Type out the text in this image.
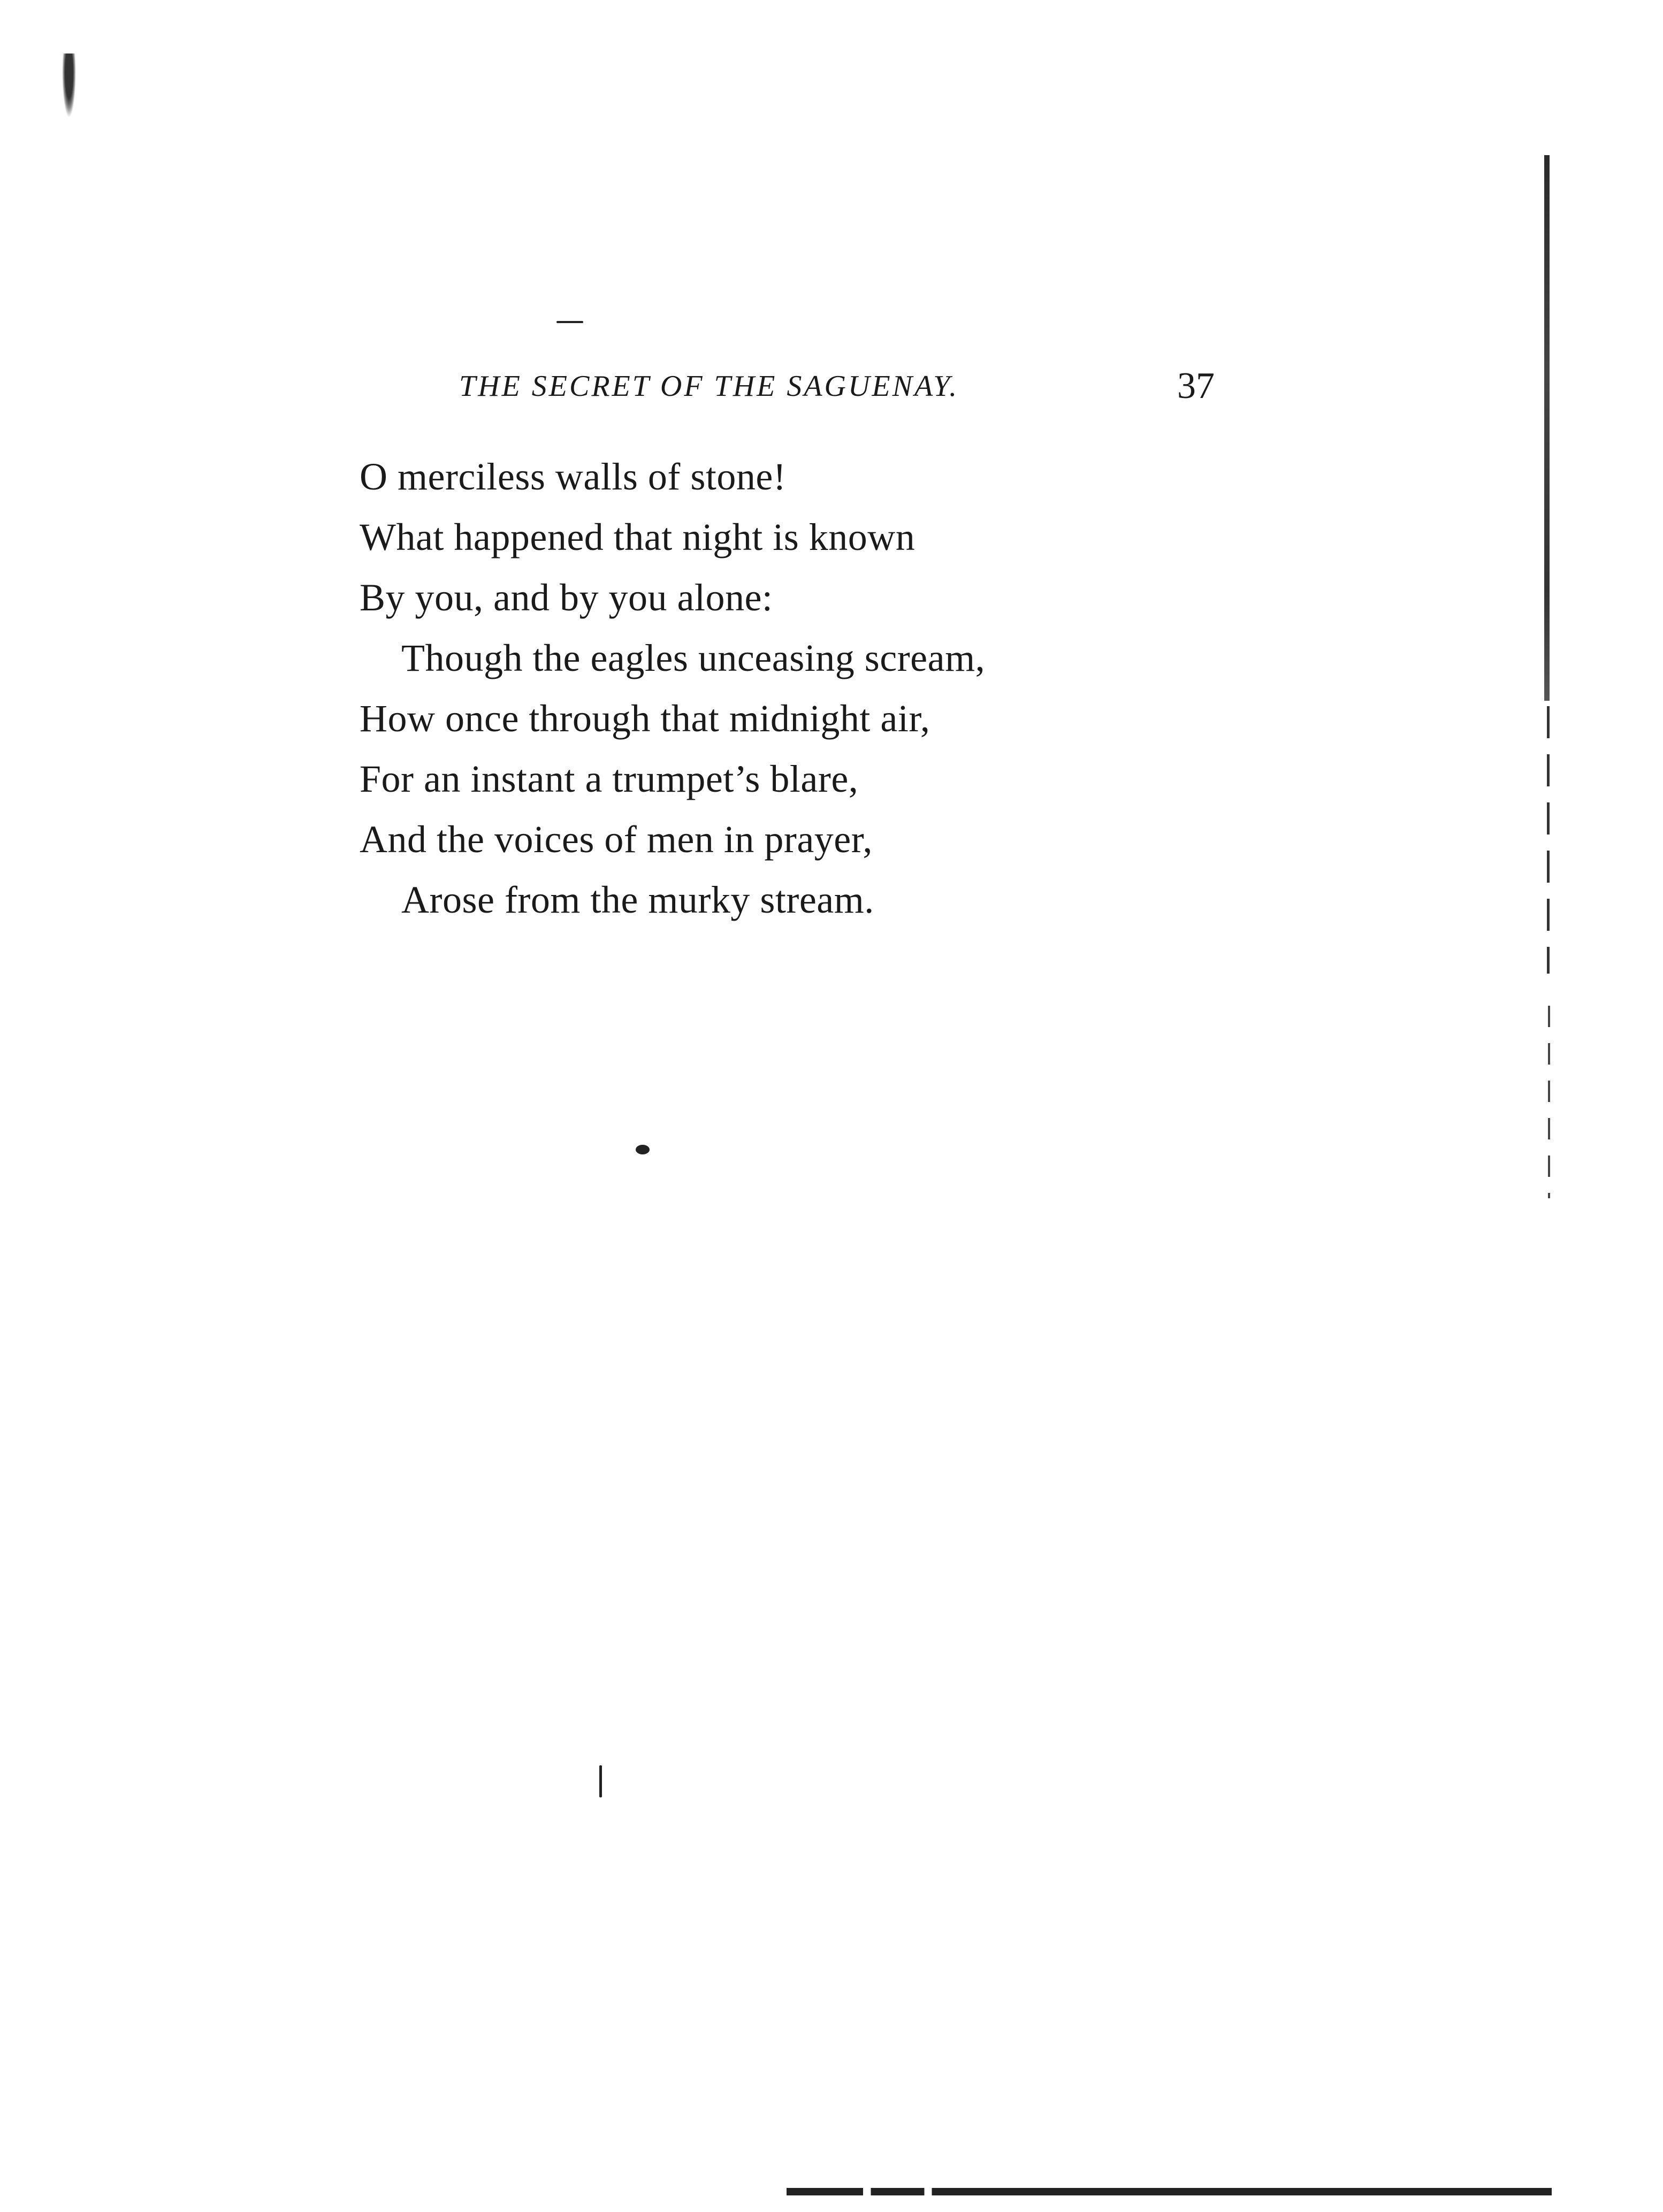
THE SECRET OF THE SAGUENAY.	37
O merciless walls of stone!
What happened that night is known
By you, and by you alone:
Though the eagles unceasing scream,
How once through that midnight air,
For an instant a trumpet’s blare,
And the voices of men in prayer,
Arose from the murky stream.
